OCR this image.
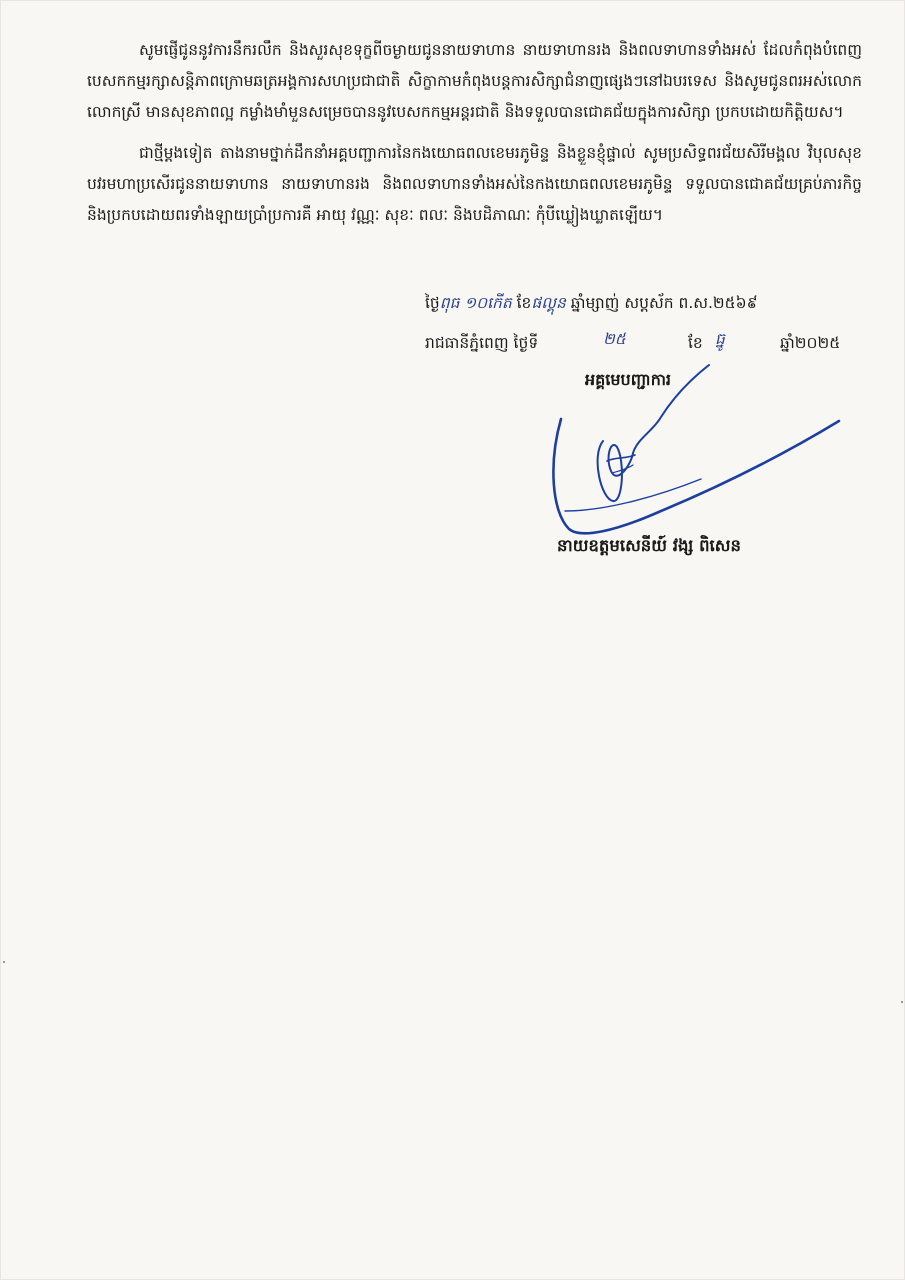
សូមផ្ញើជូននូវការនឹករលឹក និងសួរសុខទុក្ខពីចម្ងាយជូននាយទាហាន នាយទាហានរង និងពលទាហានទាំងអស់ ដែលកំពុងបំពេញបេសកកម្មរក្សាសន្តិភាពក្រោមឆត្រអង្គការសហប្រជាជាតិ សិក្ខាកាមកំពុងបន្តការសិក្សាជំនាញផ្សេងៗនៅឯបរទេស និងសូមជូនពរអស់លោក លោកស្រី មានសុខភាពល្អ កម្លាំងមាំមួនសម្រេចបាននូវបេសកកម្មអន្តរជាតិ និងទទួលបានជោគជ័យក្នុងការសិក្សា ប្រកបដោយកិត្តិយស។

ជាថ្មីម្តងទៀត តាងនាមថ្នាក់ដឹកនាំអគ្គបញ្ជាការនៃកងយោធពលខេមរភូមិន្ទ និងខ្លួនខ្ញុំផ្ទាល់ សូមប្រសិទ្ធពរជ័យសិរីមង្គល វិបុលសុខ បវរមហាប្រសើរជូននាយទាហាន នាយទាហានរង និងពលទាហានទាំងអស់នៃកងយោធពលខេមរភូមិន្ទ ទទួលបានជោគជ័យគ្រប់ភារកិច្ច និងប្រកបដោយពរទាំងឡាយប្រាំប្រការគឺ អាយុ វណ្ណៈ សុខៈ ពលៈ និងបដិភាណៈ កុំបីឃ្លៀងឃ្លាតឡើយ។

ថ្ងៃពុធ ១០កើត ខែផល្គុន ឆ្នាំម្សាញ់ សប្តស័ក ព.ស.២៥៦៩
រាជធានីភ្នំពេញ ថ្ងៃទី	២៥	ខែ ធ្នូ	ឆ្នាំ២០២៥
អគ្គមេបញ្ជាការ
នាយឧត្តមសេនីយ៍ វង្ស ពិសេន
